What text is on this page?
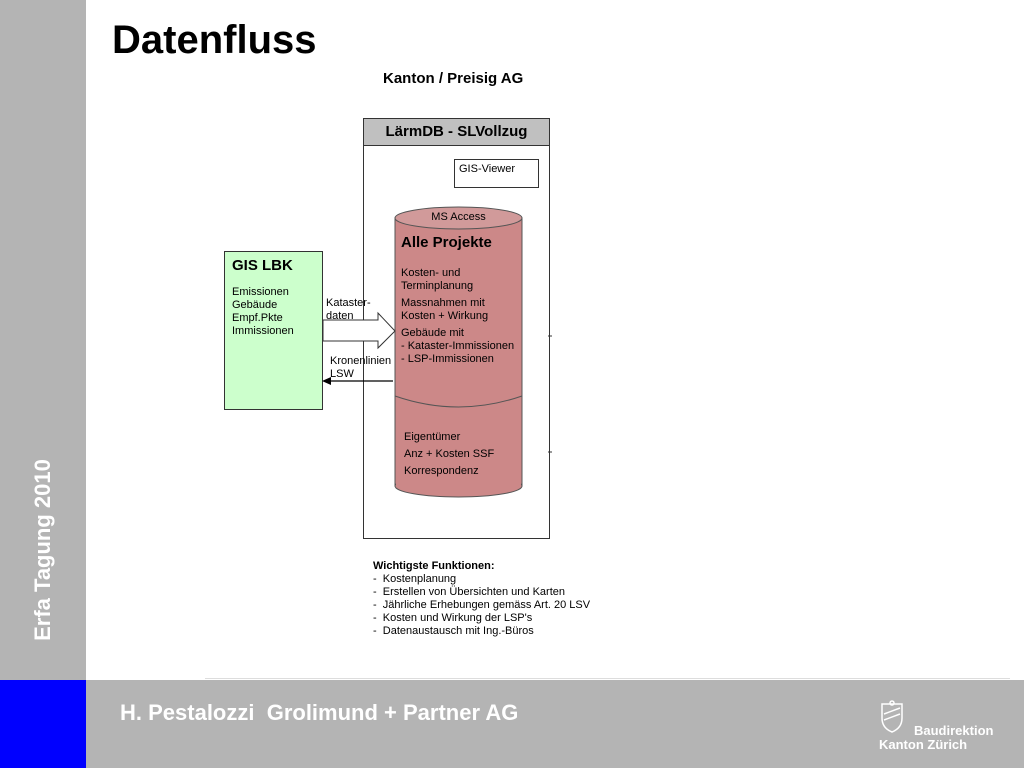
Erfa Tagung 2010
H. Pestalozzi  Grolimund + Partner AG
Baudirektion
Kanton Zürich
Datenfluss
Kanton / Preisig AG
LärmDB - SLVollzug
GIS-Viewer
GIS LBK
Emissionen
Gebäude
Empf.Pkte
Immissionen
Kataster-
daten
Kronenlinien
LSW
MS Access
Alle Projekte
Kosten- und
Terminplanung
Massnahmen mit
Kosten + Wirkung
Gebäude mit
- Kataster-Immissionen
- LSP-Immissionen
Eigentümer
Anz + Kosten SSF
Korrespondenz
Wichtigste Funktionen:
-  Kostenplanung
-  Erstellen von Übersichten und Karten
-  Jährliche Erhebungen gemäss Art. 20 LSV
-  Kosten und Wirkung der LSP's
-  Datenaustausch mit Ing.-Büros
